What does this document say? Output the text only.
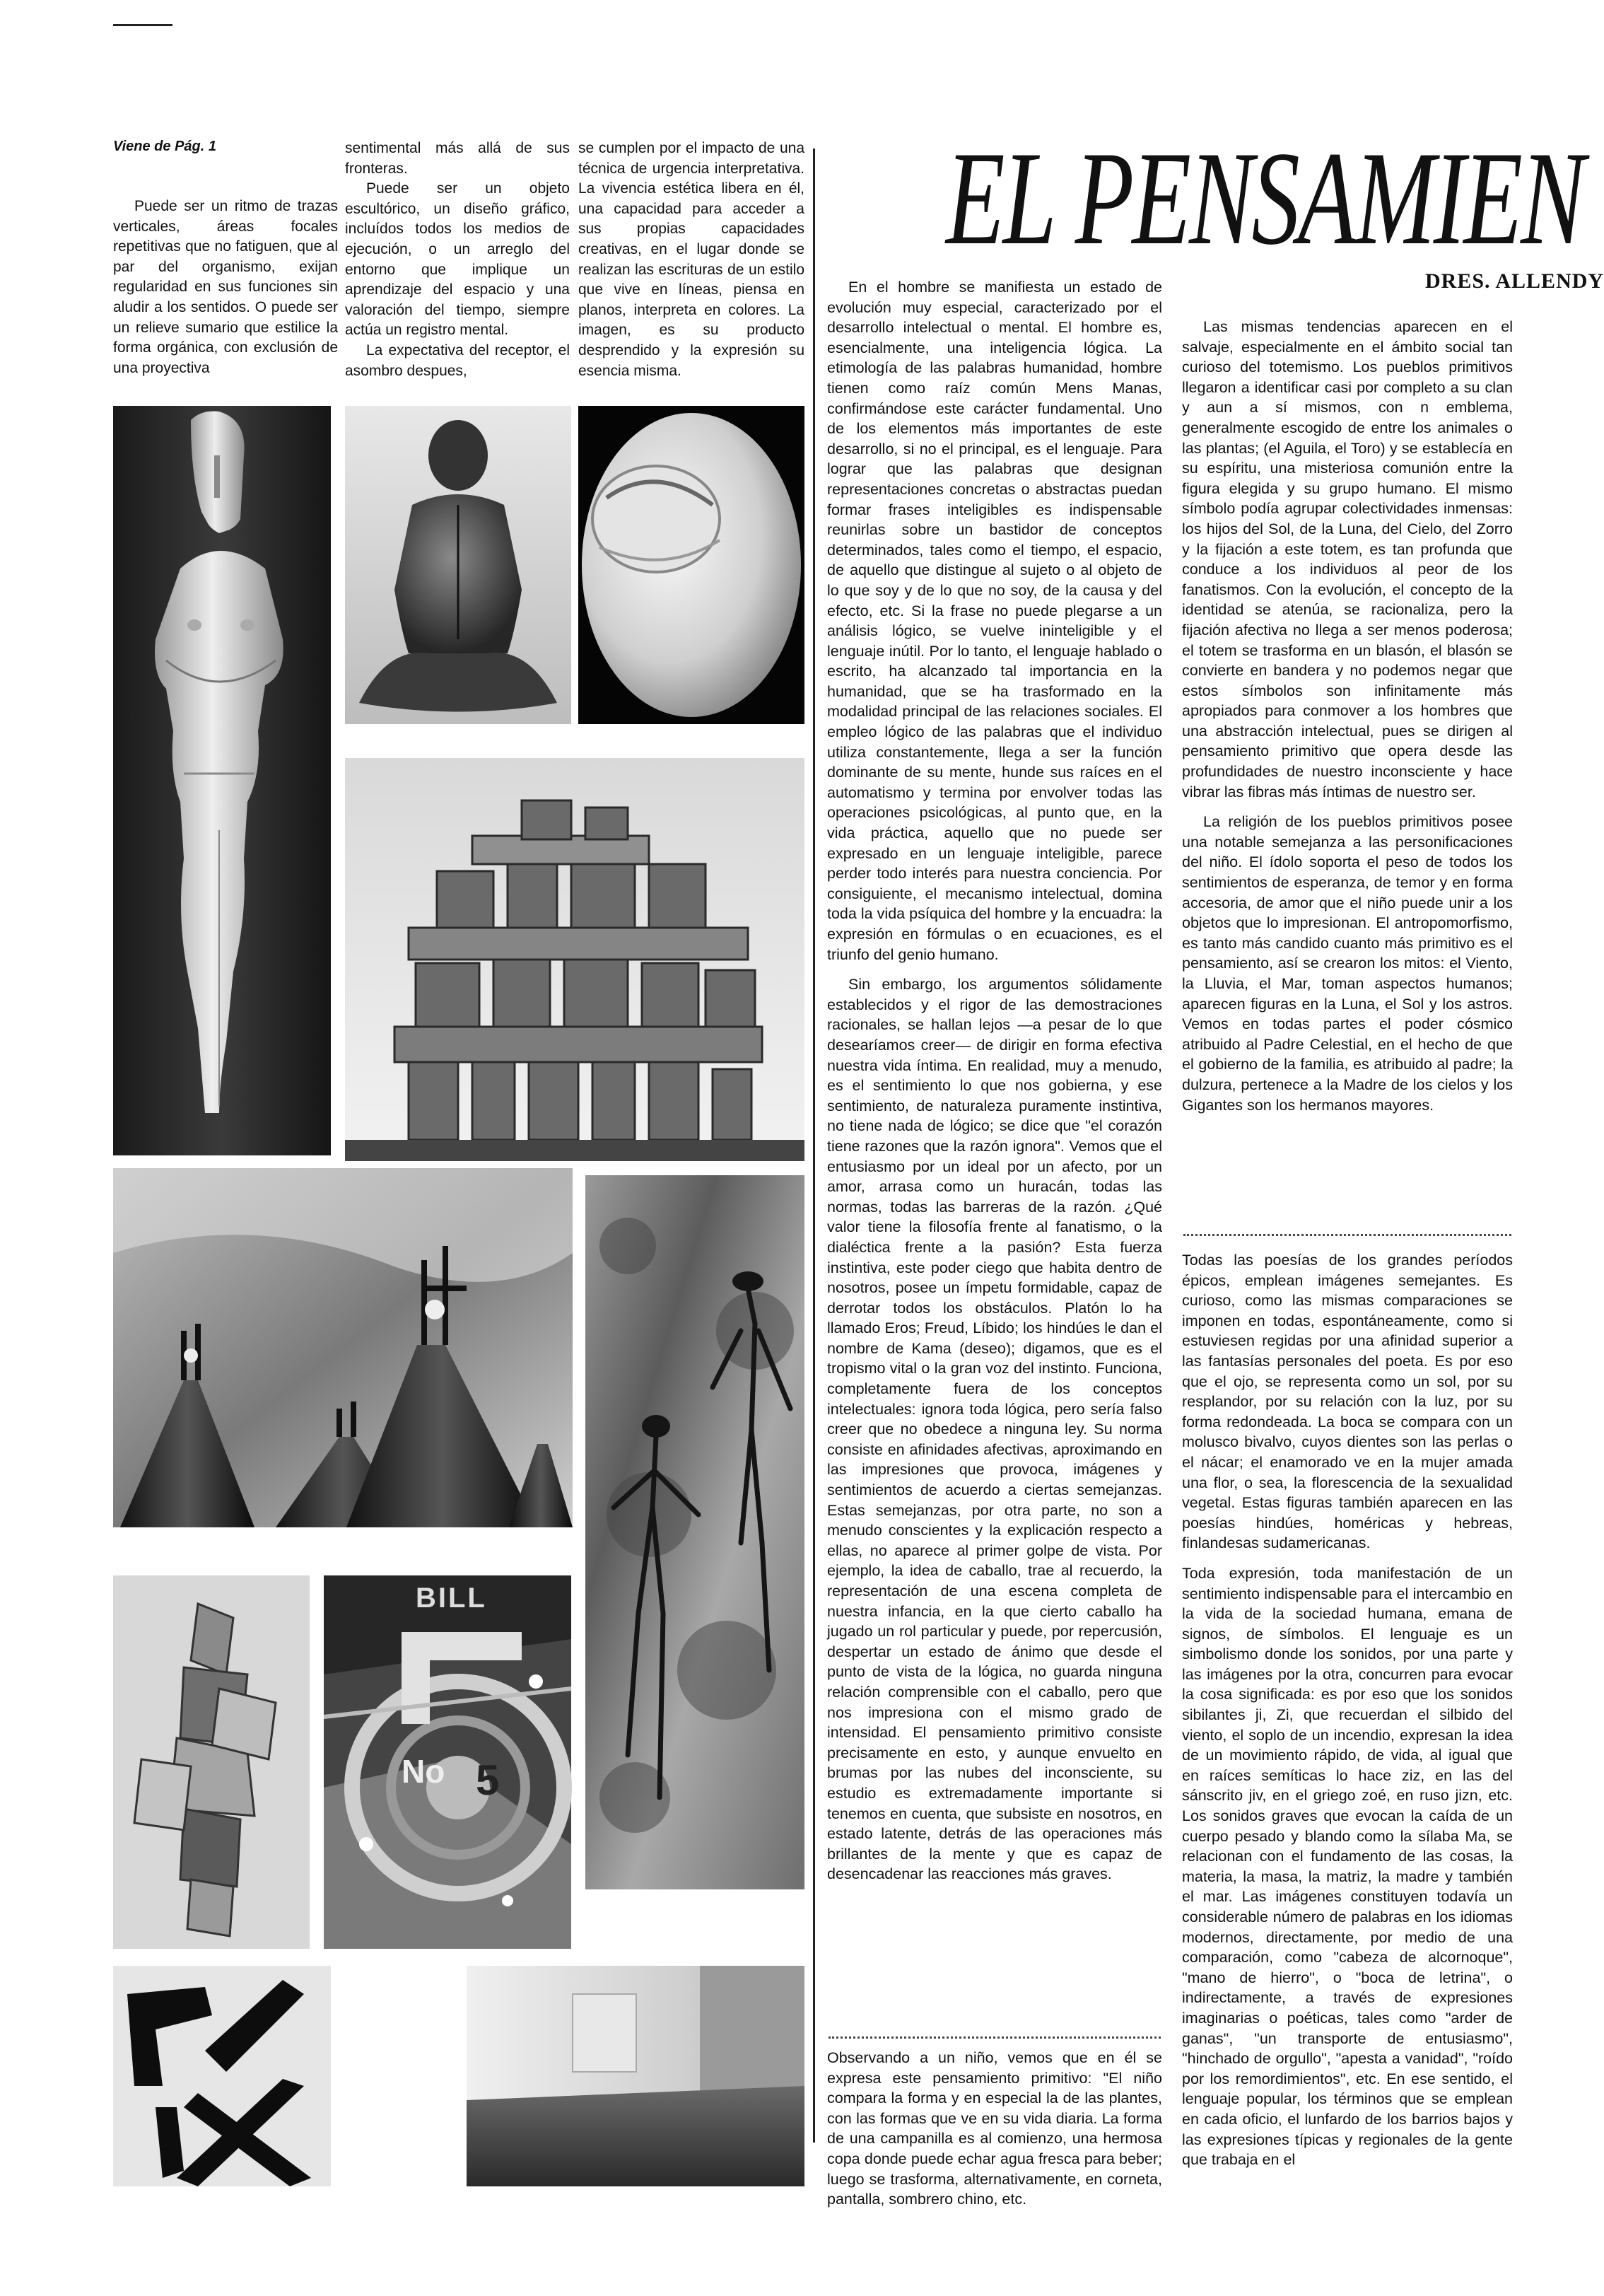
Viene de Pág. 1

Puede ser un ritmo de trazas verticales, áreas focales repetitivas que no fatiguen, que al par del organismo, exijan regularidad en sus funciones sin aludir a los sentidos. O puede ser un relieve sumario que estilice la forma orgánica, con exclusión de una proyectiva

sentimental más allá de sus fronteras.

Puede ser un objeto escultórico, un diseño gráfico, incluídos todos los medios de ejecución, o un arreglo del entorno que implique un aprendizaje del espacio y una valoración del tiempo, siempre actúa un registro mental.

La expectativa del receptor, el asombro despues,

se cumplen por el impacto de una técnica de urgencia interpretativa. La vivencia estética libera en él, una capacidad para acceder a sus propias capacidades creativas, en el lugar donde se realizan las escrituras de un estilo que vive en líneas, piensa en planos, interpreta en colores. La imagen, es su producto desprendido y la expresión su esencia misma.

EL PENSAMIEN
DRES. ALLENDY

En el hombre se manifiesta un estado de evolución muy especial, caracterizado por el desarrollo intelectual o mental. El hombre es, esencialmente, una inteligencia lógica. La etimología de las palabras humanidad, hombre tienen como raíz común Mens Manas, confirmándose este carácter fundamental. Uno de los elementos más importantes de este desarrollo, si no el principal, es el lenguaje. Para lograr que las palabras que designan representaciones concretas o abstractas puedan formar frases inteligibles es indispensable reunirlas sobre un bastidor de conceptos determinados, tales como el tiempo, el espacio, de aquello que distingue al sujeto o al objeto de lo que soy y de lo que no soy, de la causa y del efecto, etc. Si la frase no puede plegarse a un análisis lógico, se vuelve ininteligible y el lenguaje inútil. Por lo tanto, el lenguaje hablado o escrito, ha alcanzado tal importancia en la humanidad, que se ha trasformado en la modalidad principal de las relaciones sociales. El empleo lógico de las palabras que el individuo utiliza constantemente, llega a ser la función dominante de su mente, hunde sus raíces en el automatismo y termina por envolver todas las operaciones psicológicas, al punto que, en la vida práctica, aquello que no puede ser expresado en un lenguaje inteligible, parece perder todo interés para nuestra conciencia. Por consiguiente, el mecanismo intelectual, domina toda la vida psíquica del hombre y la encuadra: la expresión en fórmulas o en ecuaciones, es el triunfo del genio humano.

Sin embargo, los argumentos sólidamente establecidos y el rigor de las demostraciones racionales, se hallan lejos —a pesar de lo que desearíamos creer— de dirigir en forma efectiva nuestra vida íntima. En realidad, muy a menudo, es el sentimiento lo que nos gobierna, y ese sentimiento, de naturaleza puramente instintiva, no tiene nada de lógico; se dice que "el corazón tiene razones que la razón ignora". Vemos que el entusiasmo por un ideal por un afecto, por un amor, arrasa como un huracán, todas las normas, todas las barreras de la razón. ¿Qué valor tiene la filosofía frente al fanatismo, o la dialéctica frente a la pasión? Esta fuerza instintiva, este poder ciego que habita dentro de nosotros, posee un ímpetu formidable, capaz de derrotar todos los obstáculos. Platón lo ha llamado Eros; Freud, Líbido; los hindúes le dan el nombre de Kama (deseo); digamos, que es el tropismo vital o la gran voz del instinto. Funciona, completamente fuera de los conceptos intelectuales: ignora toda lógica, pero sería falso creer que no obedece a ninguna ley. Su norma consiste en afinidades afectivas, aproximando en las impresiones que provoca, imágenes y sentimientos de acuerdo a ciertas semejanzas. Estas semejanzas, por otra parte, no son a menudo conscientes y la explicación respecto a ellas, no aparece al primer golpe de vista. Por ejemplo, la idea de caballo, trae al recuerdo, la representación de una escena completa de nuestra infancia, en la que cierto caballo ha jugado un rol particular y puede, por repercusión, despertar un estado de ánimo que desde el punto de vista de la lógica, no guarda ninguna relación comprensible con el caballo, pero que nos impresiona con el mismo grado de intensidad. El pensamiento primitivo consiste precisamente en esto, y aunque envuelto en brumas por las nubes del inconsciente, su estudio es extremadamente importante si tenemos en cuenta, que subsiste en nosotros, en estado latente, detrás de las operaciones más brillantes de la mente y que es capaz de desencadenar las reacciones más graves.

Observando a un niño, vemos que en él se expresa este pensamiento primitivo: "El niño compara la forma y en especial la de las plantes, con las formas que ve en su vida diaria. La forma de una campanilla es al comienzo, una hermosa copa donde puede echar agua fresca para beber; luego se trasforma, alternativamente, en corneta, pantalla, sombrero chino, etc.

Las mismas tendencias aparecen en el salvaje, especialmente en el ámbito social tan curioso del totemismo. Los pueblos primitivos llegaron a identificar casi por completo a su clan y aun a sí mismos, con n emblema, generalmente escogido de entre los animales o las plantas; (el Aguila, el Toro) y se establecía en su espíritu, una misteriosa comunión entre la figura elegida y su grupo humano. El mismo símbolo podía agrupar colectividades inmensas: los hijos del Sol, de la Luna, del Cielo, del Zorro y la fijación a este totem, es tan profunda que conduce a los individuos al peor de los fanatismos. Con la evolución, el concepto de la identidad se atenúa, se racionaliza, pero la fijación afectiva no llega a ser menos poderosa; el totem se trasforma en un blasón, el blasón se convierte en bandera y no podemos negar que estos símbolos son infinitamente más apropiados para conmover a los hombres que una abstracción intelectual, pues se dirigen al pensamiento primitivo que opera desde las profundidades de nuestro inconsciente y hace vibrar las fibras más íntimas de nuestro ser.

La religión de los pueblos primitivos posee una notable semejanza a las personificaciones del niño. El ídolo soporta el peso de todos los sentimientos de esperanza, de temor y en forma accesoria, de amor que el niño puede unir a los objetos que lo impresionan. El antropomorfismo, es tanto más candido cuanto más primitivo es el pensamiento, así se crearon los mitos: el Viento, la Lluvia, el Mar, toman aspectos humanos; aparecen figuras en la Luna, el Sol y los astros. Vemos en todas partes el poder cósmico atribuido al Padre Celestial, en el hecho de que el gobierno de la familia, es atribuido al padre; la dulzura, pertenece a la Madre de los cielos y los Gigantes son los hermanos mayores.

Todas las poesías de los grandes períodos épicos, emplean imágenes semejantes. Es curioso, como las mismas comparaciones se imponen en todas, espontáneamente, como si estuviesen regidas por una afinidad superior a las fantasías personales del poeta. Es por eso que el ojo, se representa como un sol, por su resplandor, por su relación con la luz, por su forma redondeada. La boca se compara con un molusco bivalvo, cuyos dientes son las perlas o el nácar; el enamorado ve en la mujer amada una flor, o sea, la florescencia de la sexualidad vegetal. Estas figuras también aparecen en las poesías hindúes, homéricas y hebreas, finlandesas sudamericanas.

Toda expresión, toda manifestación de un sentimiento indispensable para el intercambio en la vida de la sociedad humana, emana de signos, de símbolos. El lenguaje es un simbolismo donde los sonidos, por una parte y las imágenes por la otra, concurren para evocar la cosa significada: es por eso que los sonidos sibilantes ji, Zi, que recuerdan el silbido del viento, el soplo de un incendio, expresan la idea de un movimiento rápido, de vida, al igual que en raíces semíticas lo hace ziz, en las del sánscrito jiv, en el griego zoé, en ruso jizn, etc. Los sonidos graves que evocan la caída de un cuerpo pesado y blando como la sílaba Ma, se relacionan con el fundamento de las cosas, la materia, la masa, la matriz, la madre y también el mar. Las imágenes constituyen todavía un considerable número de palabras en los idiomas modernos, directamente, por medio de una comparación, como "cabeza de alcornoque", "mano de hierro", o "boca de letrina", o indirectamente, a través de expresiones imaginarias o poéticas, tales como "arder de ganas", "un transporte de entusiasmo", "hinchado de orgullo", "apesta a vanidad", "roído por los remordimientos", etc. En ese sentido, el lenguaje popular, los términos que se emplean en cada oficio, el lunfardo de los barrios bajos y las expresiones típicas y regionales de la gente que trabaja en el

BILL
No 5
